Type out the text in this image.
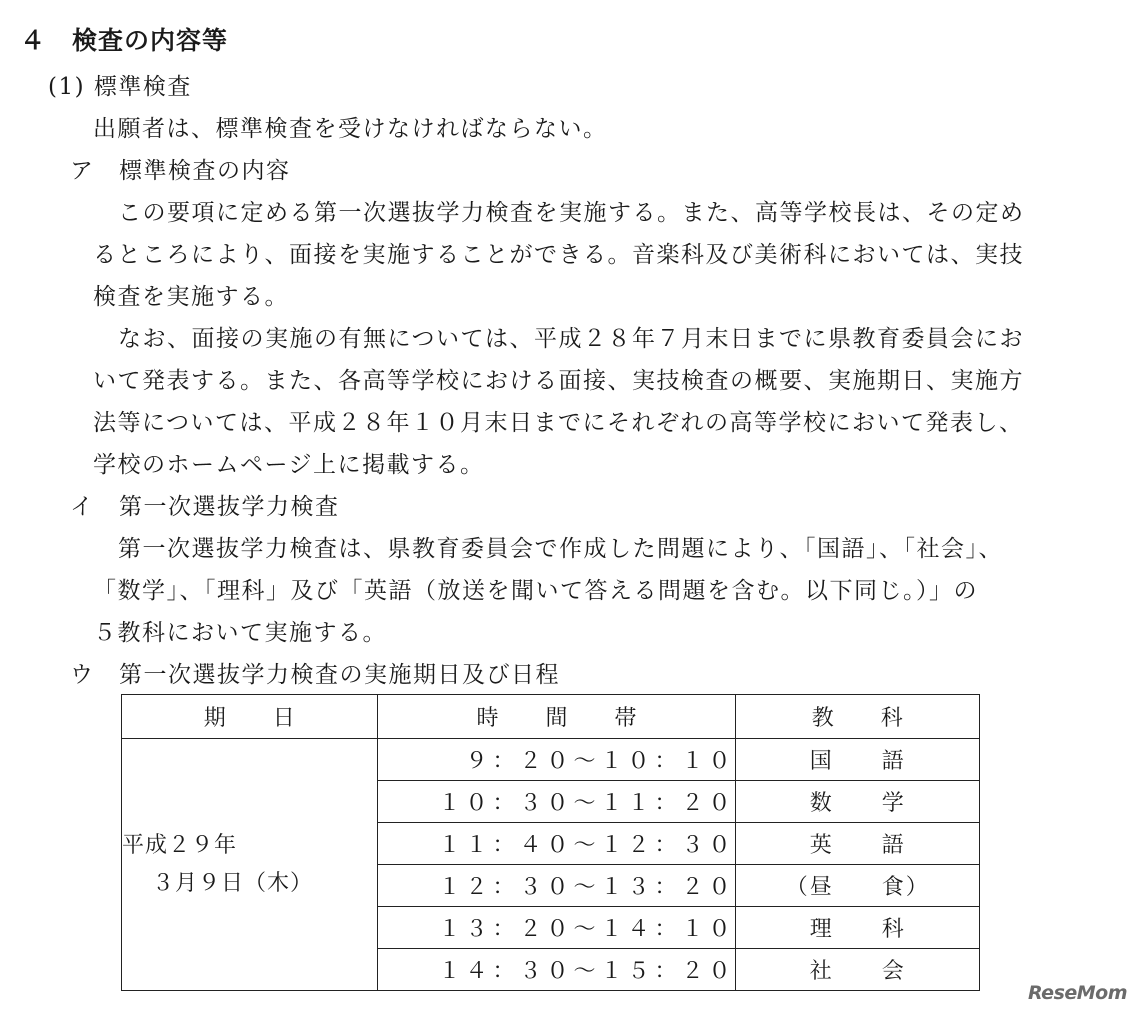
４　検査の内容等
(1) 標準検査
出願者は、標準検査を受けなければならない。
ア　標準検査の内容
この要項に定める第一次選抜学力検査を実施する。また、高等学校長は、その定め
るところにより、面接を実施することができる。音楽科及び美術科においては、実技
検査を実施する。
なお、面接の実施の有無については、平成２８年７月末日までに県教育委員会にお
いて発表する。また、各高等学校における面接、実技検査の概要、実施期日、実施方
法等については、平成２８年１０月末日までにそれぞれの高等学校において発表し、
学校のホームページ上に掲載する。
イ　第一次選抜学力検査
第一次選抜学力検査は、県教育委員会で作成した問題により、「国語」、「社会」、
「数学」、「理科」及び「英語（放送を聞いて答える問題を含む。以下同じ。）」の
５教科において実施する。
ウ　第一次選抜学力検査の実施期日及び日程
期　　日	時　　間　　帯	教　　科
平成２９年
３月９日（木）	９：２０～１０：１０	国　　語
	１０：３０～１１：２０	数　　学
	１１：４０～１２：３０	英　　語
	１２：３０～１３：２０	（昼　　食）
	１３：２０～１４：１０	理　　科
	１４：３０～１５：２０	社　　会
ReseMom
